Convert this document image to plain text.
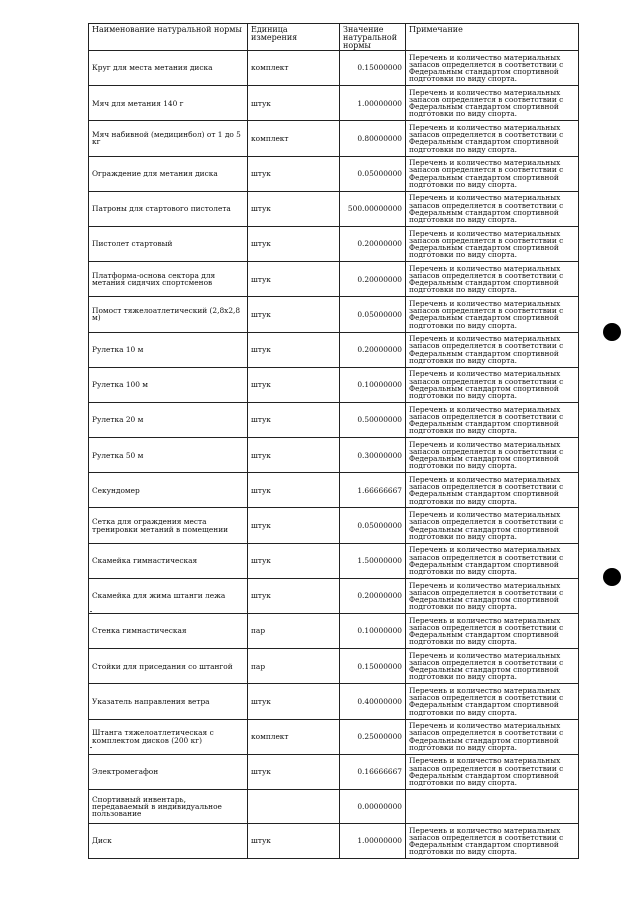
Наименование натуральной нормы	Единица измерения	Значение натуральной нормы	Примечание
Круг для места метания диска	комплект	0.15000000	Перечень и количество материальных запасов определяется в соответствии с Федеральным стандартом спортивной подготовки по виду спорта.
Мяч для метания 140 г	штук	1.00000000	Перечень и количество материальных запасов определяется в соответствии с Федеральным стандартом спортивной подготовки по виду спорта.
Мяч набивной (медицинбол) от 1 до 5 кг	комплект	0.80000000	Перечень и количество материальных запасов определяется в соответствии с Федеральным стандартом спортивной подготовки по виду спорта.
Ограждение для метания диска	штук	0.05000000	Перечень и количество материальных запасов определяется в соответствии с Федеральным стандартом спортивной подготовки по виду спорта.
Патроны для стартового пистолета	штук	500.00000000	Перечень и количество материальных запасов определяется в соответствии с Федеральным стандартом спортивной подготовки по виду спорта.
Пистолет стартовый	штук	0.20000000	Перечень и количество материальных запасов определяется в соответствии с Федеральным стандартом спортивной подготовки по виду спорта.
Платформа-основа сектора для метания сидячих спортсменов	штук	0.20000000	Перечень и количество материальных запасов определяется в соответствии с Федеральным стандартом спортивной подготовки по виду спорта.
Помост тяжелоатлетический (2,8х2,8 м)	штук	0.05000000	Перечень и количество материальных запасов определяется в соответствии с Федеральным стандартом спортивной подготовки по виду спорта.
Рулетка 10 м	штук	0.20000000	Перечень и количество материальных запасов определяется в соответствии с Федеральным стандартом спортивной подготовки по виду спорта.
Рулетка 100 м	штук	0.10000000	Перечень и количество материальных запасов определяется в соответствии с Федеральным стандартом спортивной подготовки по виду спорта.
Рулетка 20 м	штук	0.50000000	Перечень и количество материальных запасов определяется в соответствии с Федеральным стандартом спортивной подготовки по виду спорта.
Рулетка 50 м	штук	0.30000000	Перечень и количество материальных запасов определяется в соответствии с Федеральным стандартом спортивной подготовки по виду спорта.
Секундомер	штук	1.66666667	Перечень и количество материальных запасов определяется в соответствии с Федеральным стандартом спортивной подготовки по виду спорта.
Сетка для ограждения места тренировки метаний в помещении	штук	0.05000000	Перечень и количество материальных запасов определяется в соответствии с Федеральным стандартом спортивной подготовки по виду спорта.
Скамейка гимнастическая	штук	1.50000000	Перечень и количество материальных запасов определяется в соответствии с Федеральным стандартом спортивной подготовки по виду спорта.
Скамейка для жима штанги лежа	штук	0.20000000	Перечень и количество материальных запасов определяется в соответствии с Федеральным стандартом спортивной подготовки по виду спорта.
Стенка гимнастическая	пар	0.10000000	Перечень и количество материальных запасов определяется в соответствии с Федеральным стандартом спортивной подготовки по виду спорта.
Стойки для приседания со штангой	пар	0.15000000	Перечень и количество материальных запасов определяется в соответствии с Федеральным стандартом спортивной подготовки по виду спорта.
Указатель направления ветра	штук	0.40000000	Перечень и количество материальных запасов определяется в соответствии с Федеральным стандартом спортивной подготовки по виду спорта.
Штанга тяжелоатлетическая с комплектом дисков (200 кг)	комплект	0.25000000	Перечень и количество материальных запасов определяется в соответствии с Федеральным стандартом спортивной подготовки по виду спорта.
Электромегафон	штук	0.16666667	Перечень и количество материальных запасов определяется в соответствии с Федеральным стандартом спортивной подготовки по виду спорта.
Спортивный инвентарь, передаваемый в индивидуальное пользование		0.00000000	
Диск	штук	1.00000000	Перечень и количество материальных запасов определяется в соответствии с Федеральным стандартом спортивной подготовки по виду спорта.
